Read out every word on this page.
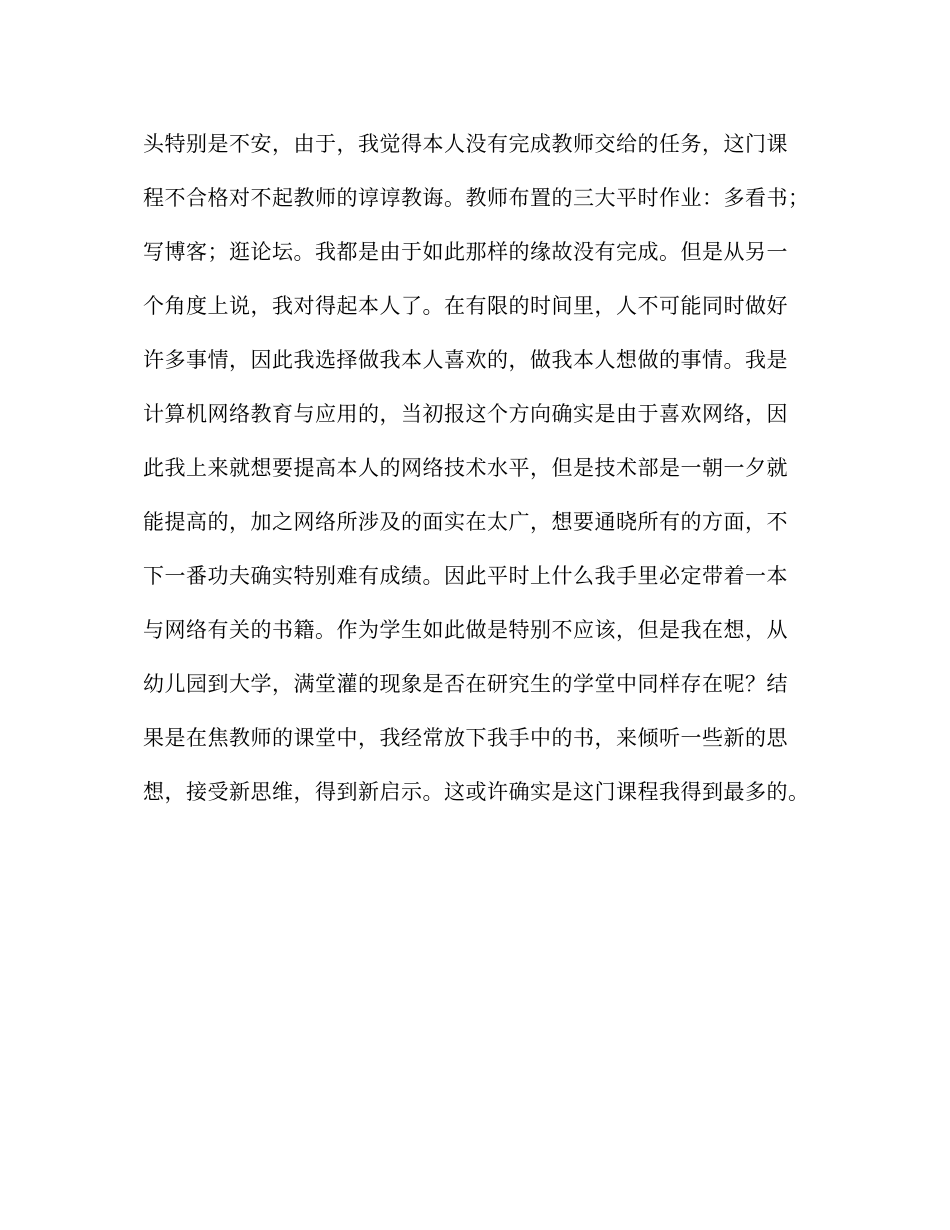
头特别是不安，由于，我觉得本人没有完成教师交给的任务，这门课
程不合格对不起教师的谆谆教诲。教师布置的三大平时作业：多看书；
写博客；逛论坛。我都是由于如此那样的缘故没有完成。但是从另一
个角度上说，我对得起本人了。在有限的时间里，人不可能同时做好
许多事情，因此我选择做我本人喜欢的，做我本人想做的事情。我是
计算机网络教育与应用的，当初报这个方向确实是由于喜欢网络，因
此我上来就想要提高本人的网络技术水平，但是技术部是一朝一夕就
能提高的，加之网络所涉及的面实在太广，想要通晓所有的方面，不
下一番功夫确实特别难有成绩。因此平时上什么我手里必定带着一本
与网络有关的书籍。作为学生如此做是特别不应该，但是我在想，从
幼儿园到大学，满堂灌的现象是否在研究生的学堂中同样存在呢？结
果是在焦教师的课堂中，我经常放下我手中的书，来倾听一些新的思
想，接受新思维，得到新启示。这或许确实是这门课程我得到最多的。
